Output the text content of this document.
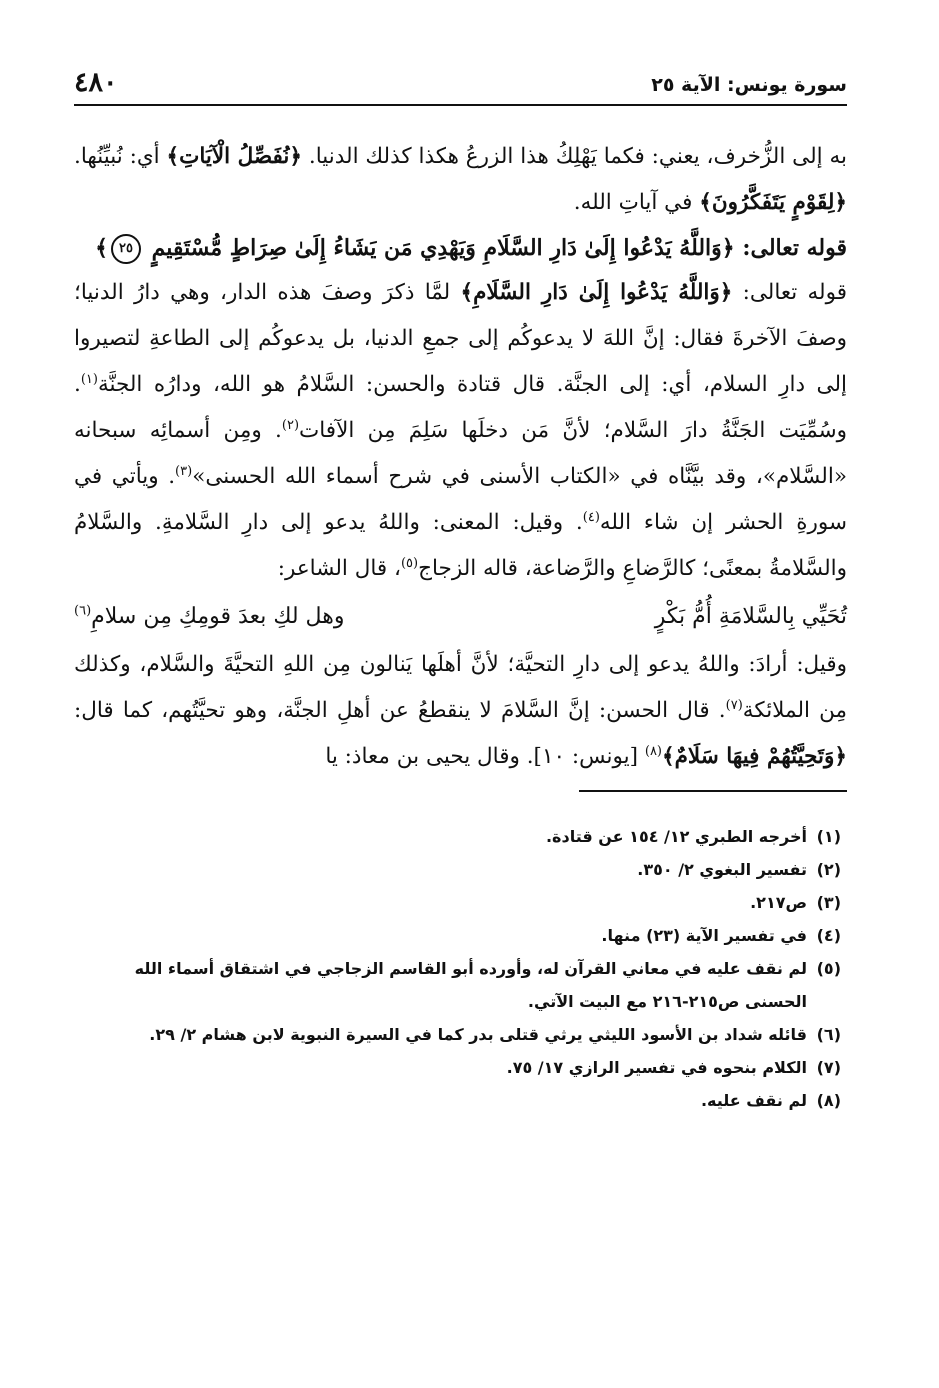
سورة يونس: الآية ٢٥
٤٨٠

به إلى الزُّخرف، يعني: فكما يَهْلِكُ هذا الزرعُ هكذا كذلك الدنيا. ﴿نُفَصِّلُ الْآيَاتِ﴾ أي: نُبيِّنُها. ﴿لِقَوْمٍ يَتَفَكَّرُونَ﴾ في آياتِ الله.

قوله تعالى: ﴿وَاللَّهُ يَدْعُوا إِلَىٰ دَارِ السَّلَامِ وَيَهْدِي مَن يَشَاءُ إِلَىٰ صِرَاطٍ مُّسْتَقِيمٍ ٢٥﴾

قوله تعالى: ﴿وَاللَّهُ يَدْعُوا إِلَىٰ دَارِ السَّلَامِ﴾ لمَّا ذكرَ وصفَ هذه الدار، وهي دارُ الدنيا؛ وصفَ الآخرةَ فقال: إنَّ اللهَ لا يدعوكُم إلى جمعِ الدنيا، بل يدعوكُم إلى الطاعةِ لتصيروا إلى دارِ السلام، أي: إلى الجنَّة. قال قتادة والحسن: السَّلامُ هو الله، ودارُه الجنَّة$^{(١)}$. وسُمِّيَت الجَنَّةُ دارَ السَّلام؛ لأنَّ مَن دخلَها سَلِمَ مِن الآفات$^{(٢)}$. ومِن أسمائِه سبحانه «السَّلام»، وقد بيَّنَّاه في «الكتاب الأسنى في شرح أسماء الله الحسنى»$^{(٣)}$. ويأتي في سورةِ الحشر إن شاء الله$^{(٤)}$. وقيل: المعنى: واللهُ يدعو إلى دارِ السَّلامةِ. والسَّلامُ والسَّلامةُ بمعنًى؛ كالرَّضاعِ والرَّضاعة، قاله الزجاج$^{(٥)}$، قال الشاعر:

تُحَيِّي بِالسَّلامَةِ أُمُّ بَكْرٍ
وهل لكِ بعدَ قومِكِ مِن سلامِ$^{(٦)}$

وقيل: أرادَ: واللهُ يدعو إلى دارِ التحيَّة؛ لأنَّ أهلَها يَنالون مِن اللهِ التحيَّةَ والسَّلام، وكذلك مِن الملائكة$^{(٧)}$. قال الحسن: إنَّ السَّلامَ لا ينقطعُ عن أهلِ الجنَّة، وهو تحيَّتُهم، كما قال: ﴿وَتَحِيَّتُهُمْ فِيهَا سَلَامٌ﴾$^{(٨)}$ [يونس: ١٠]. وقال يحيى بن معاذ: يا

(١)
أخرجه الطبري ١٢/ ١٥٤ عن قتادة.
(٢)
تفسير البغوي ٢/ ٣٥٠.
(٣)
ص٢١٧.
(٤)
في تفسير الآية (٢٣) منها.
(٥)
لم نقف عليه في معاني القرآن له، وأورده أبو القاسم الزجاجي في اشتقاق أسماء الله الحسنى ص٢١٥-٢١٦ مع البيت الآتي.
(٦)
قائله شداد بن الأسود الليثي يرثي قتلى بدر كما في السيرة النبوية لابن هشام ٢/ ٢٩.
(٧)
الكلام بنحوه في تفسير الرازي ١٧/ ٧٥.
(٨)
لم نقف عليه.
